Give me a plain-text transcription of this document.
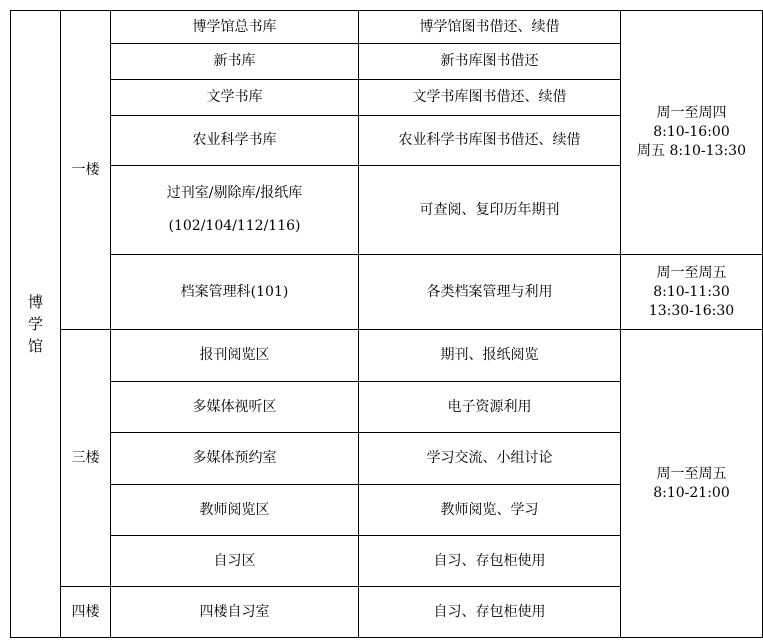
博学馆	一楼	博学馆总书库	博学馆图书借还、续借	周一至周四
8:10-16:00
周五 8:10-13:30

		新书库	新书库图书借还	
		文学书库	文学书库图书借还、续借	
		农业科学书库	农业科学书库图书借还、续借	

		过刊室/剔除库/报纸库
(102/104/112/116)	可查阅、复印历年期刊	
		档案管理科(101)	各类档案管理与利用	周一至周五
8:10-11:30
13:30-16:30

	三楼	报刊阅览区	期刊、报纸阅览	周一至周五
8:10-21:00

		多媒体视听区	电子资源利用	
		多媒体预约室	学习交流、小组讨论	
		教师阅览区	教师阅览、学习	
		自习区	自习、存包柜使用	
	四楼	四楼自习室	自习、存包柜使用	
